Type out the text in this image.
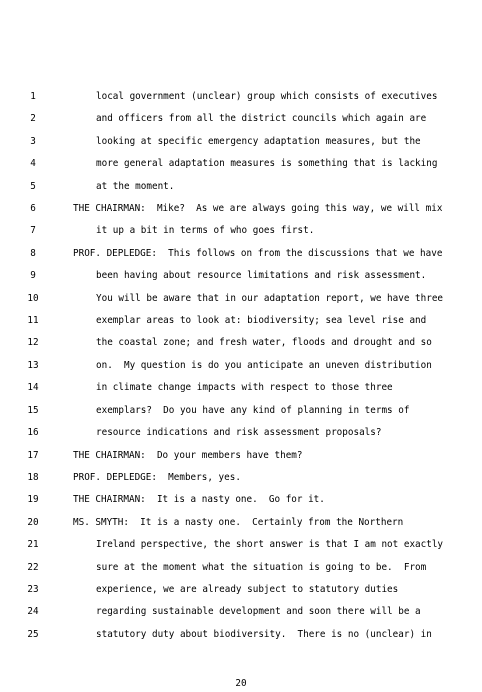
1	local government (unclear) group which consists of executives
2	and officers from all the district councils which again are
3	looking at specific emergency adaptation measures, but the
4	more general adaptation measures is something that is lacking
5	at the moment.
6	THE CHAIRMAN:  Mike?  As we are always going this way, we will mix
7	it up a bit in terms of who goes first.
8	PROF. DEPLEDGE:  This follows on from the discussions that we have
9	been having about resource limitations and risk assessment.
10	You will be aware that in our adaptation report, we have three
11	exemplar areas to look at: biodiversity; sea level rise and
12	the coastal zone; and fresh water, floods and drought and so
13	on.  My question is do you anticipate an uneven distribution
14	in climate change impacts with respect to those three
15	exemplars?  Do you have any kind of planning in terms of
16	resource indications and risk assessment proposals?
17	THE CHAIRMAN:  Do your members have them?
18	PROF. DEPLEDGE:  Members, yes.
19	THE CHAIRMAN:  It is a nasty one.  Go for it.
20	MS. SMYTH:  It is a nasty one.  Certainly from the Northern
21	Ireland perspective, the short answer is that I am not exactly
22	sure at the moment what the situation is going to be.  From
23	experience, we are already subject to statutory duties
24	regarding sustainable development and soon there will be a
25	statutory duty about biodiversity.  There is no (unclear) in
20
